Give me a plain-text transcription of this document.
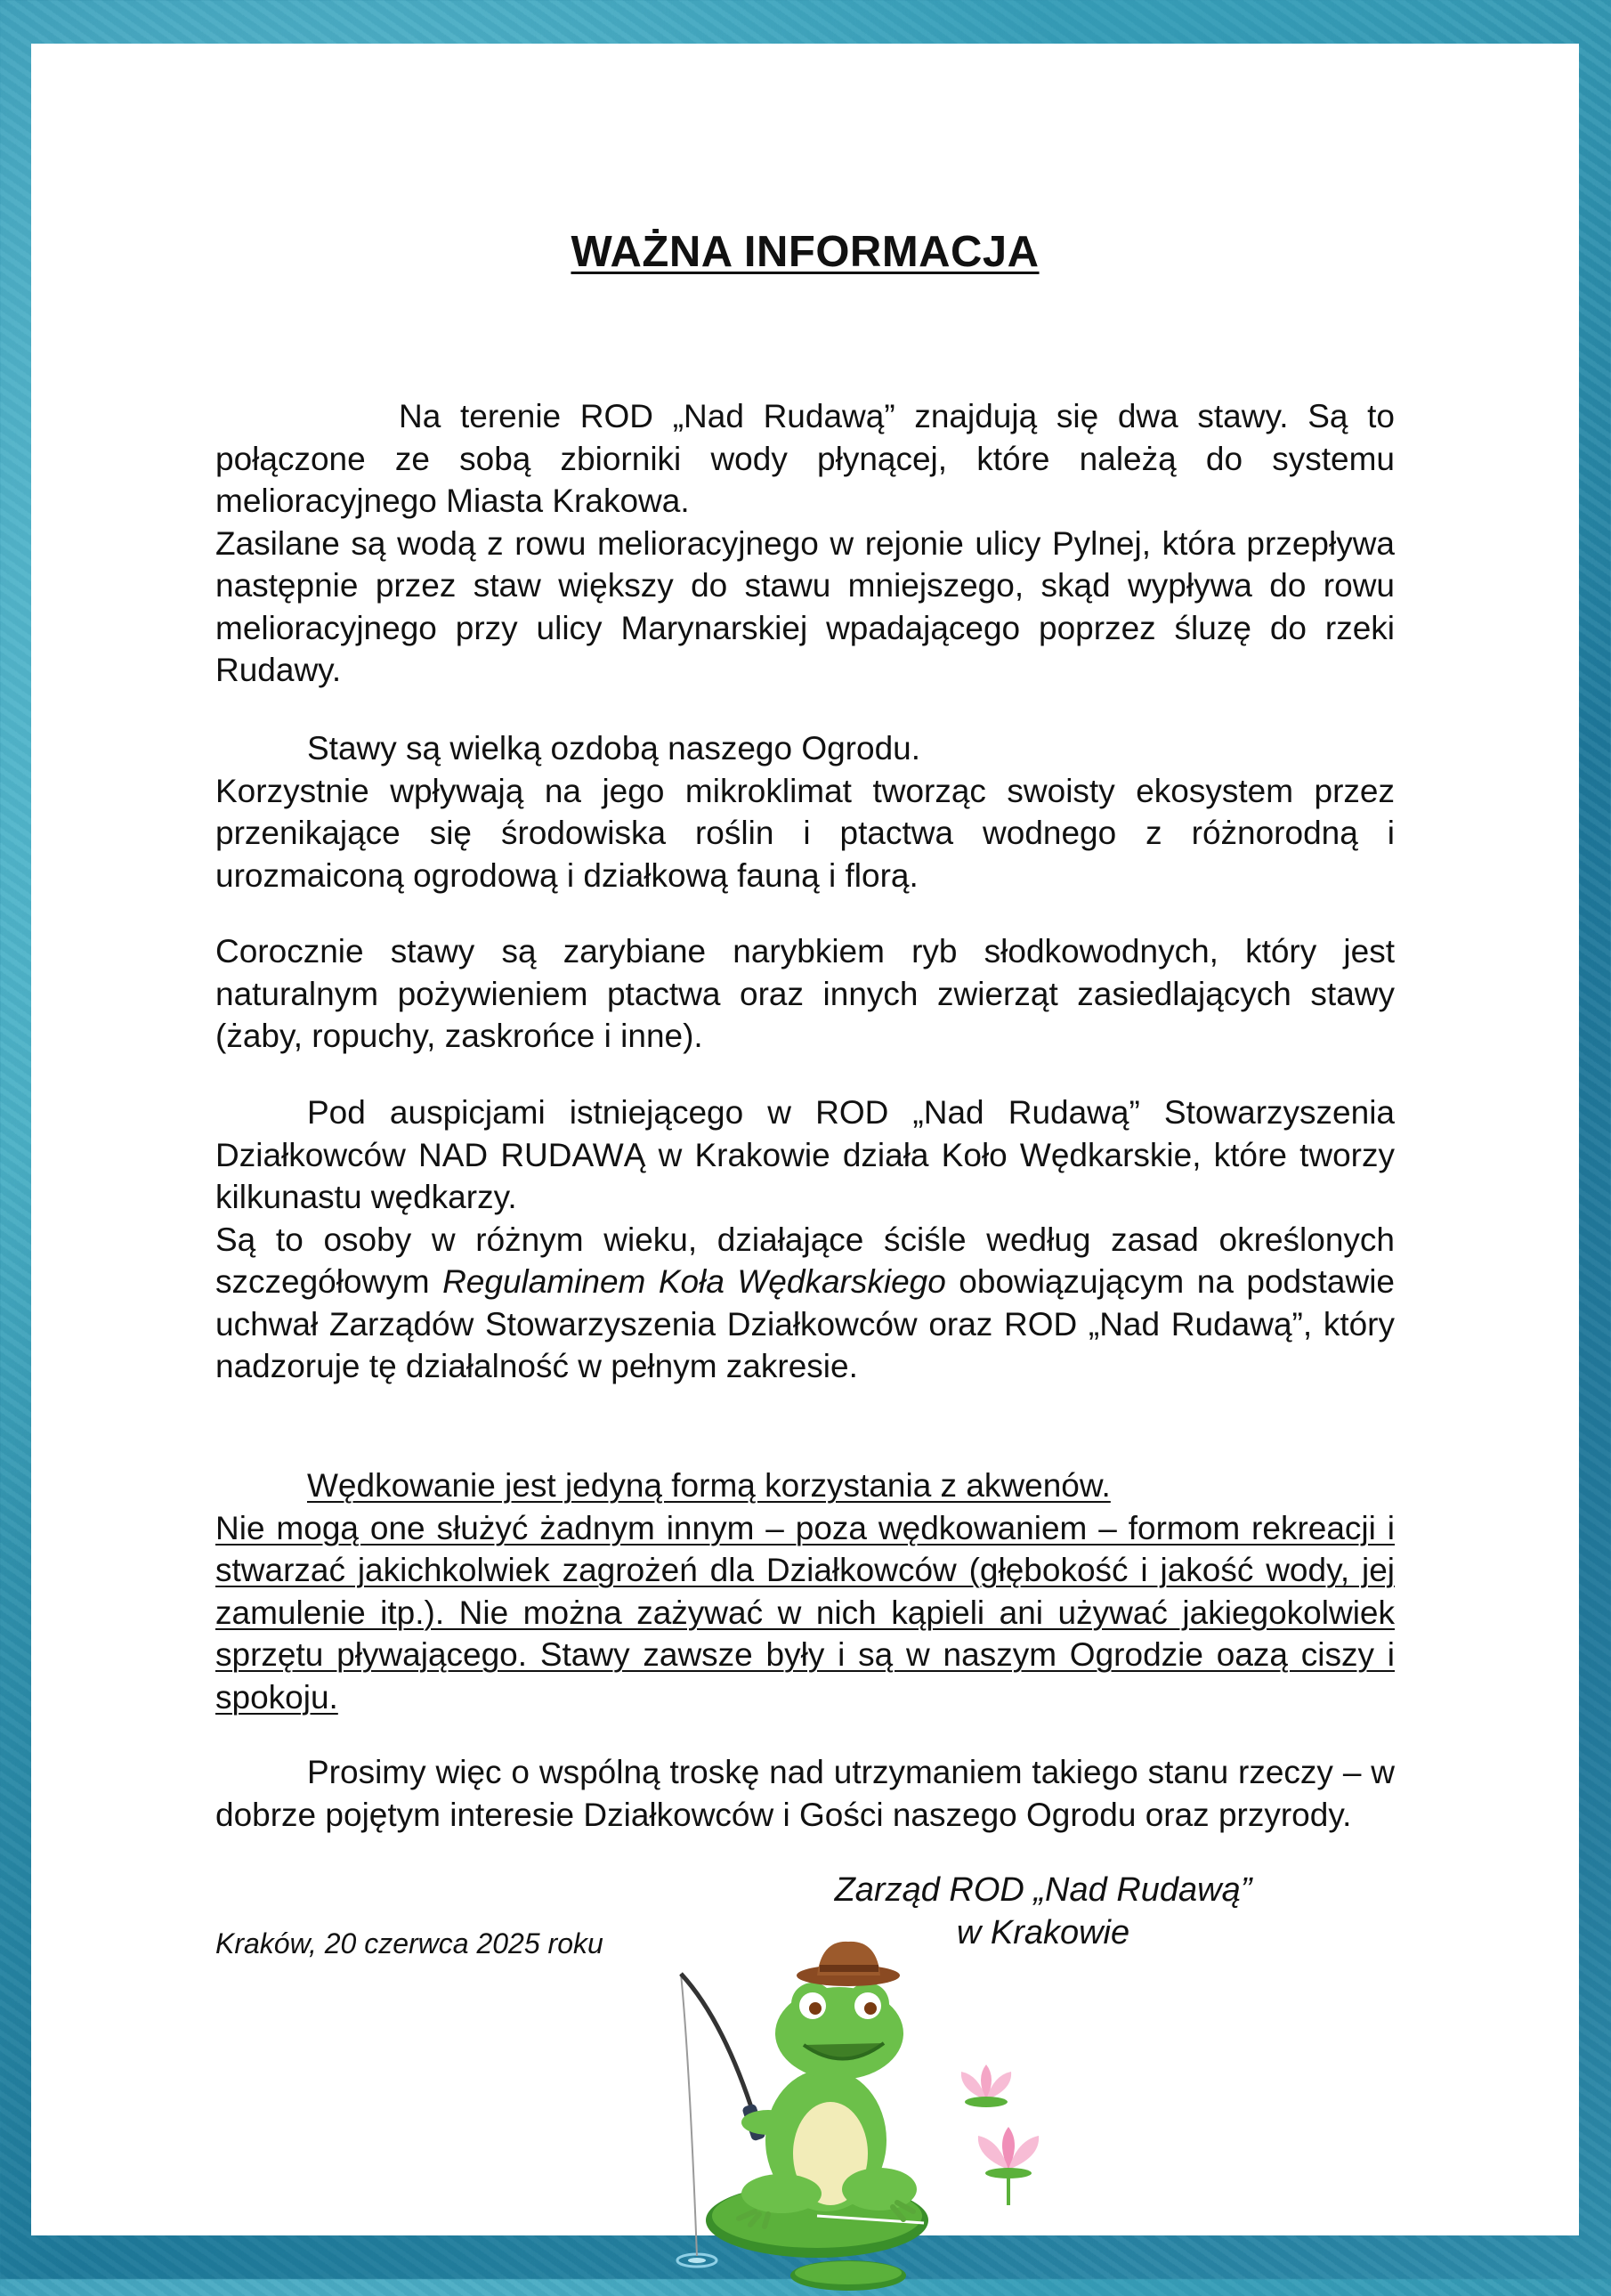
WAŻNA INFORMACJA

Na terenie ROD „Nad Rudawą” znajdują się dwa stawy. Są to połączone ze sobą zbiorniki wody płynącej, które należą do systemu melioracyjnego Miasta Krakowa.

Zasilane są wodą z rowu melioracyjnego w rejonie ulicy Pylnej, która przepływa następnie przez staw większy do stawu mniejszego, skąd wypływa do rowu melioracyjnego przy ulicy Marynarskiej wpadającego poprzez śluzę do rzeki Rudawy.

Stawy są wielką ozdobą naszego Ogrodu.

Korzystnie wpływają na jego mikroklimat tworząc swoisty ekosystem przez przenikające się środowiska roślin i ptactwa wodnego z różnorodną i urozmaiconą ogrodową i działkową fauną i florą.

Corocznie stawy są zarybiane narybkiem ryb słodkowodnych, który jest naturalnym pożywieniem ptactwa oraz innych zwierząt zasiedlających stawy (żaby, ropuchy, zaskrońce i inne).

Pod auspicjami istniejącego w ROD „Nad Rudawą” Stowarzyszenia Działkowców NAD RUDAWĄ w Krakowie działa Koło Wędkarskie, które tworzy kilkunastu wędkarzy.

Są to osoby w różnym wieku, działające ściśle według zasad określonych szczegółowym Regulaminem Koła Wędkarskiego obowiązującym na podstawie uchwał Zarządów Stowarzyszenia Działkowców oraz ROD „Nad Rudawą”, który nadzoruje tę działalność w pełnym zakresie.

Wędkowanie jest jedyną formą korzystania z akwenów.

Nie mogą one służyć żadnym innym – poza wędkowaniem – formom rekreacji i stwarzać jakichkolwiek zagrożeń dla Działkowców (głębokość i jakość wody, jej zamulenie itp.). Nie można zażywać w nich kąpieli ani używać jakiegokolwiek sprzętu pływającego. Stawy zawsze były i są w naszym Ogrodzie oazą ciszy i spokoju.

Prosimy więc o wspólną troskę nad utrzymaniem takiego stanu rzeczy – w dobrze pojętym interesie Działkowców i Gości naszego Ogrodu oraz przyrody.

Kraków, 20 czerwca 2025 roku
Zarząd ROD „Nad Rudawą”
w Krakowie
